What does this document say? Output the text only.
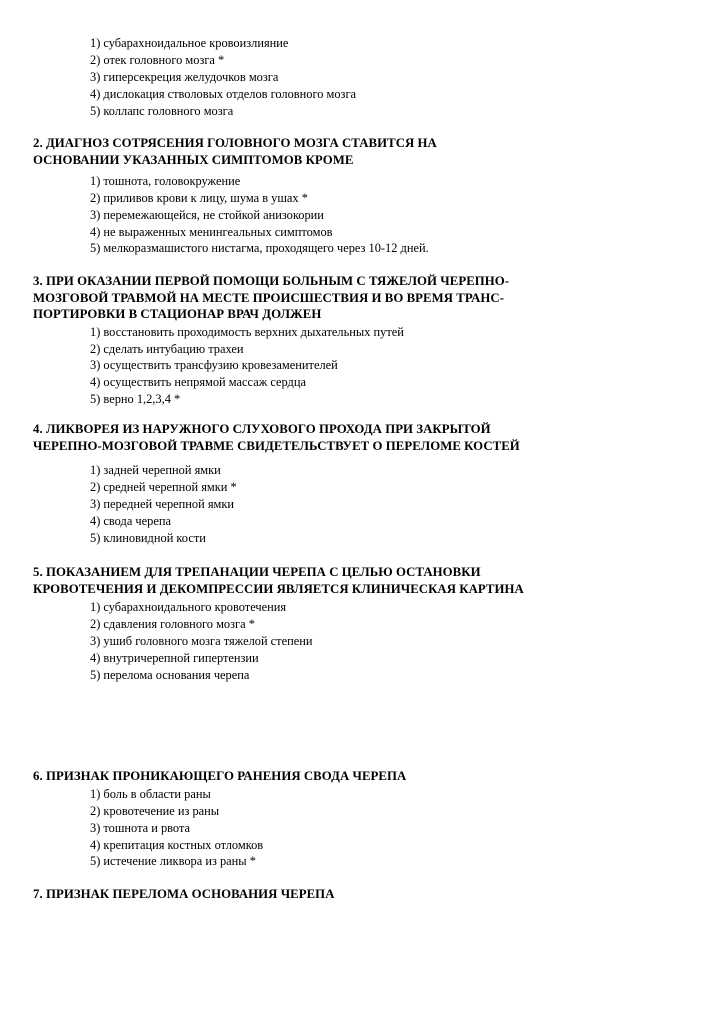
1) субарахноидальное кровоизлияние
2) отек головного мозга *
3) гиперсекреция желудочков мозга
4) дислокация стволовых отделов головного мозга
5) коллапс головного мозга
2. ДИАГНОЗ СОТРЯСЕНИЯ ГОЛОВНОГО МОЗГА СТАВИТСЯ НА
ОСНОВАНИИ УКАЗАННЫХ СИМПТОМОВ КРОМЕ
1) тошнота, головокружение
2) приливов крови к лицу, шума в ушах *
3) перемежающейся, не стойкой анизокории
4) не выраженных менингеальных симптомов
5) мелкоразмашистого нистагма, проходящего через 10-12 дней.
3. ПРИ ОКАЗАНИИ ПЕРВОЙ ПОМОЩИ БОЛЬНЫМ С ТЯЖЕЛОЙ ЧЕРЕПНО-
МОЗГОВОЙ ТРАВМОЙ НА МЕСТЕ ПРОИСШЕСТВИЯ И ВО ВРЕМЯ ТРАНС-
ПОРТИРОВКИ В СТАЦИОНАР ВРАЧ ДОЛЖЕН
1) восстановить проходимость верхних дыхательных путей
2) сделать интубацию трахеи
3) осуществить трансфузию кровезаменителей
4) осуществить непрямой массаж сердца
5) верно 1,2,3,4 *
4. ЛИКВОРЕЯ ИЗ НАРУЖНОГО СЛУХОВОГО ПРОХОДА ПРИ ЗАКРЫТОЙ
ЧЕРЕПНО-МОЗГОВОЙ ТРАВМЕ СВИДЕТЕЛЬСТВУЕТ О ПЕРЕЛОМЕ КОСТЕЙ
1) задней черепной ямки
2) средней черепной ямки *
3) передней черепной ямки
4) свода черепа
5) клиновидной кости
5. ПОКАЗАНИЕМ ДЛЯ ТРЕПАНАЦИИ ЧЕРЕПА С ЦЕЛЬЮ ОСТАНОВКИ
КРОВОТЕЧЕНИЯ И ДЕКОМПРЕССИИ ЯВЛЯЕТСЯ КЛИНИЧЕСКАЯ КАРТИНА
1) субарахноидального кровотечения
2) сдавления головного мозга *
3) ушиб головного мозга тяжелой степени
4) внутричерепной гипертензии
5) перелома основания черепа
6. ПРИЗНАК ПРОНИКАЮЩЕГО РАНЕНИЯ СВОДА ЧЕРЕПА
1) боль в области раны
2) кровотечение из раны
3) тошнота и рвота
4) крепитация костных отломков
5) истечение ликвора из раны *
7. ПРИЗНАК ПЕРЕЛОМА ОСНОВАНИЯ ЧЕРЕПА
